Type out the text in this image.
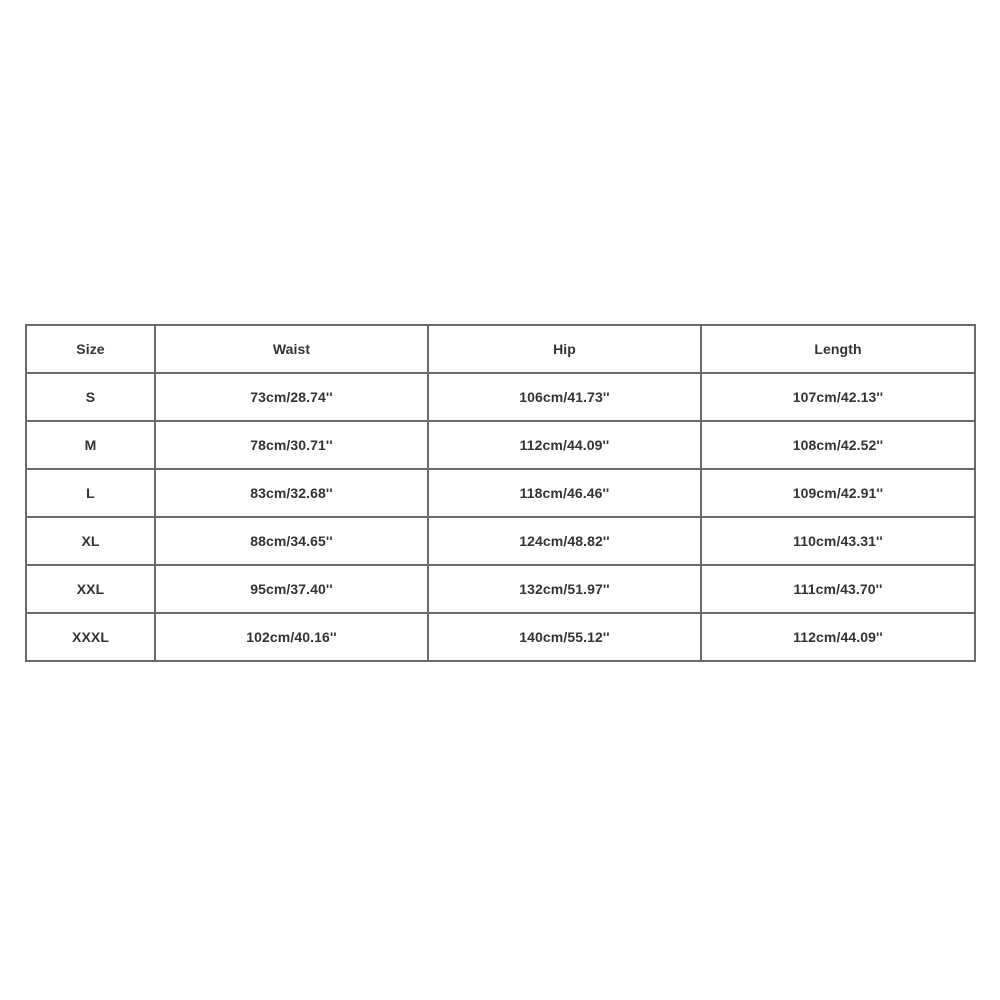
Size	Waist	Hip	Length
S	73cm/28.74''	106cm/41.73''	107cm/42.13''
M	78cm/30.71''	112cm/44.09''	108cm/42.52''
L	83cm/32.68''	118cm/46.46''	109cm/42.91''
XL	88cm/34.65''	124cm/48.82''	110cm/43.31''
XXL	95cm/37.40''	132cm/51.97''	111cm/43.70''
XXXL	102cm/40.16''	140cm/55.12''	112cm/44.09''
